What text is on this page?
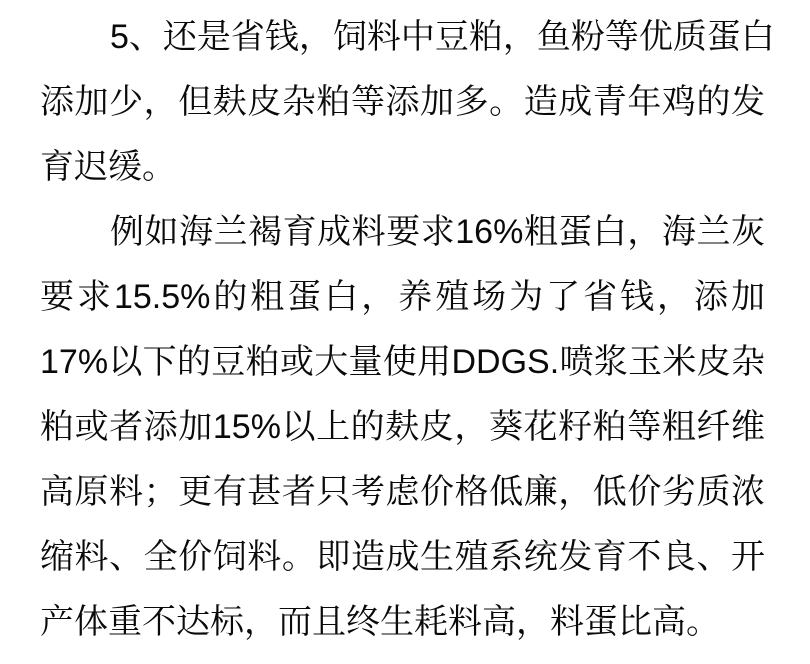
5、还是省钱，饲料中豆粕，鱼粉等优质蛋白
添加少，但麸皮杂粕等添加多。造成青年鸡的发
育迟缓。
例如海兰褐育成料要求16%粗蛋白，海兰灰
要求15.5%的粗蛋白，养殖场为了省钱，添加
17%以下的豆粕或大量使用DDGS.喷浆玉米皮杂
粕或者添加15%以上的麸皮，葵花籽粕等粗纤维
高原料；更有甚者只考虑价格低廉，低价劣质浓
缩料、全价饲料。即造成生殖系统发育不良、开
产体重不达标，而且终生耗料高，料蛋比高。
